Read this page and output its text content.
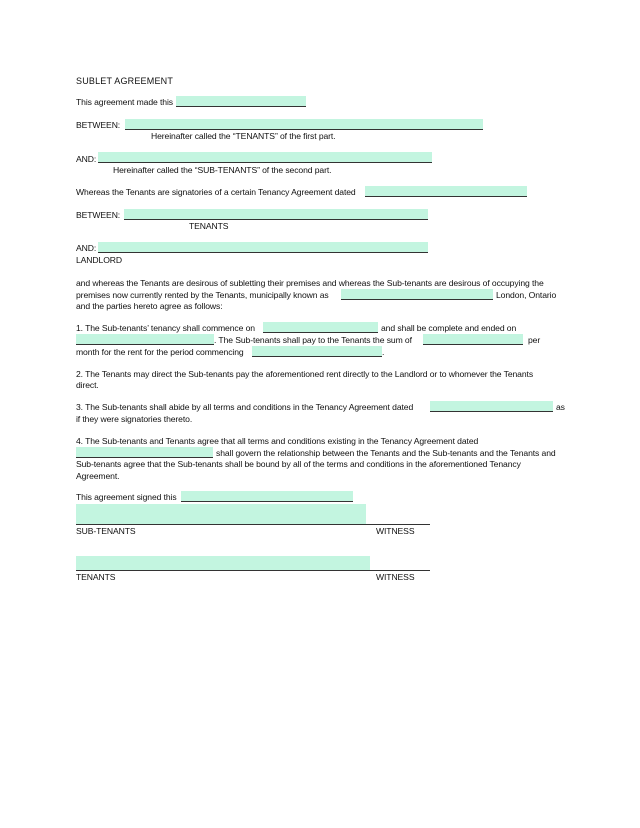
SUBLET AGREEMENT
This agreement made this
BETWEEN:
Hereinafter called the “TENANTS” of the first part.
AND:
Hereinafter called the “SUB-TENANTS” of the second part.
Whereas the Tenants are signatories of a certain Tenancy Agreement dated
BETWEEN:
TENANTS
AND:
LANDLORD
and whereas the Tenants are desirous of subletting their premises and whereas the Sub-tenants are desirous of occupying the
premises now currently rented by the Tenants, municipally known as	London, Ontario
and the parties hereto agree as follows:
1. The Sub-tenants’ tenancy shall commence on	and shall be complete and ended on
. The Sub-tenants shall pay to the Tenants the sum of	per
month for the rent for the period commencing	.
2. The Tenants may direct the Sub-tenants pay the aforementioned rent directly to the Landlord or to whomever the Tenants
direct.
3. The Sub-tenants shall abide by all terms and conditions in the Tenancy Agreement dated	as
if they were signatories thereto.
4. The Sub-tenants and Tenants agree that all terms and conditions existing in the Tenancy Agreement dated
shall govern the relationship between the Tenants and the Sub-tenants and the Tenants and
Sub-tenants agree that the Sub-tenants shall be bound by all of the terms and conditions in the aforementioned Tenancy
Agreement.
This agreement signed this
SUB-TENANTS	WITNESS
TENANTS	WITNESS
